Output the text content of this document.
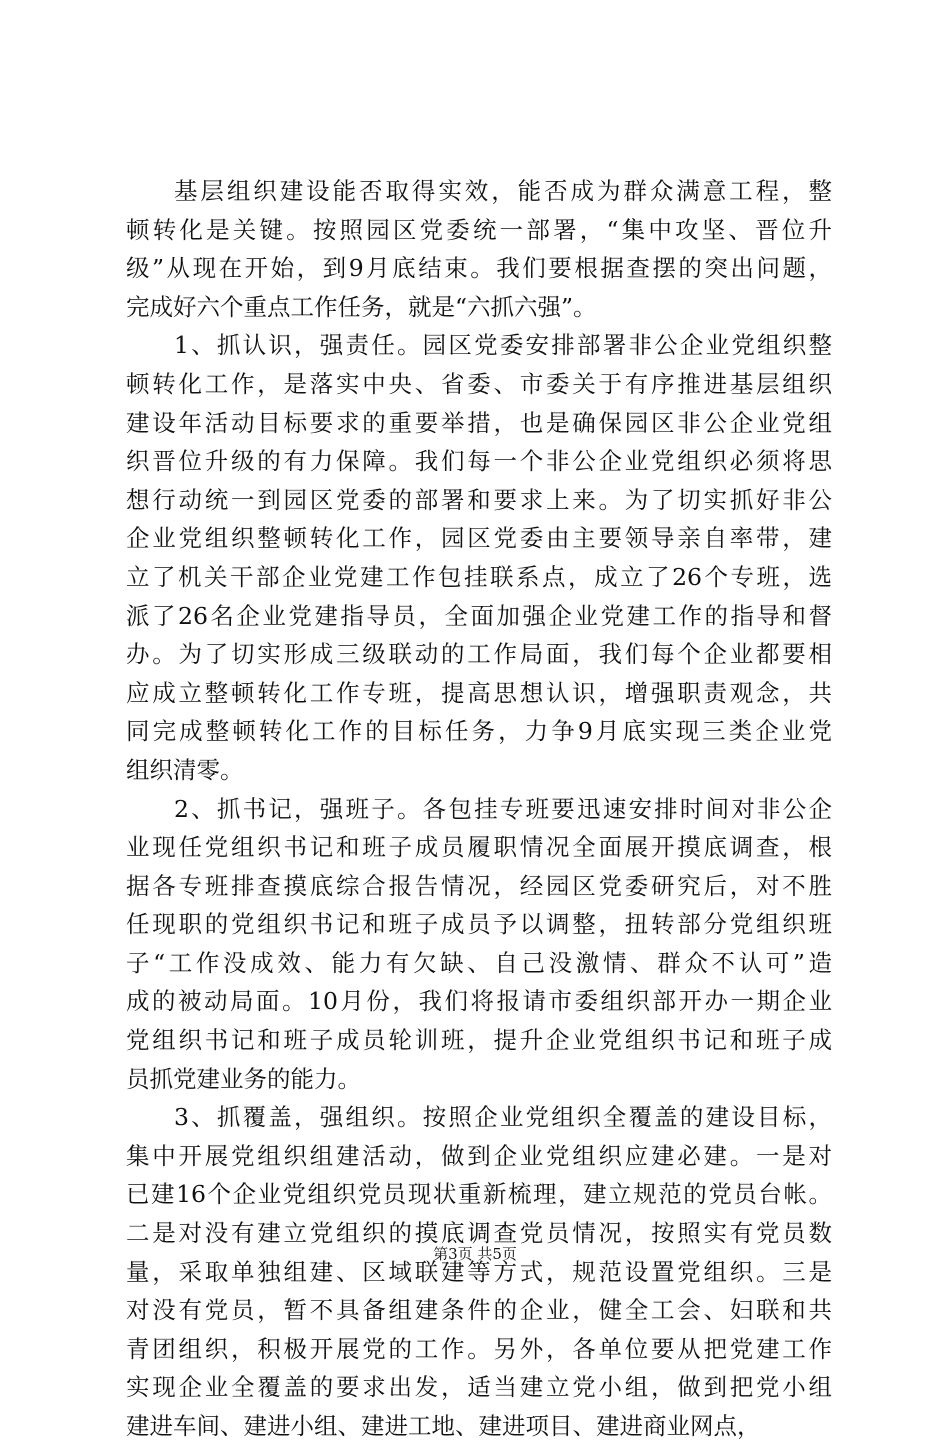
基层组织建设能否取得实效，能否成为群众满意工程，整
顿转化是关键。按照园区党委统一部署，“集中攻坚、晋位升
级”从现在开始，到9月底结束。我们要根据查摆的突出问题，
完成好六个重点工作任务，就是“六抓六强”。
1、抓认识，强责任。园区党委安排部署非公企业党组织整
顿转化工作，是落实中央、省委、市委关于有序推进基层组织
建设年活动目标要求的重要举措，也是确保园区非公企业党组
织晋位升级的有力保障。我们每一个非公企业党组织必须将思
想行动统一到园区党委的部署和要求上来。为了切实抓好非公
企业党组织整顿转化工作，园区党委由主要领导亲自率带，建
立了机关干部企业党建工作包挂联系点，成立了26个专班，选
派了26名企业党建指导员，全面加强企业党建工作的指导和督
办。为了切实形成三级联动的工作局面，我们每个企业都要相
应成立整顿转化工作专班，提高思想认识，增强职责观念，共
同完成整顿转化工作的目标任务，力争9月底实现三类企业党
组织清零。
2、抓书记，强班子。各包挂专班要迅速安排时间对非公企
业现任党组织书记和班子成员履职情况全面展开摸底调查，根
据各专班排查摸底综合报告情况，经园区党委研究后，对不胜
任现职的党组织书记和班子成员予以调整，扭转部分党组织班
子“工作没成效、能力有欠缺、自己没激情、群众不认可”造
成的被动局面。10月份，我们将报请市委组织部开办一期企业
党组织书记和班子成员轮训班，提升企业党组织书记和班子成
员抓党建业务的能力。
3、抓覆盖，强组织。按照企业党组织全覆盖的建设目标，
集中开展党组织组建活动，做到企业党组织应建必建。一是对
已建16个企业党组织党员现状重新梳理，建立规范的党员台帐。
二是对没有建立党组织的摸底调查党员情况，按照实有党员数
量，采取单独组建、区域联建等方式，规范设置党组织。三是
对没有党员，暂不具备组建条件的企业，健全工会、妇联和共
青团组织，积极开展党的工作。另外，各单位要从把党建工作
实现企业全覆盖的要求出发，适当建立党小组，做到把党小组
建进车间、建进小组、建进工地、建进项目、建进商业网点，
第3页 共5页
